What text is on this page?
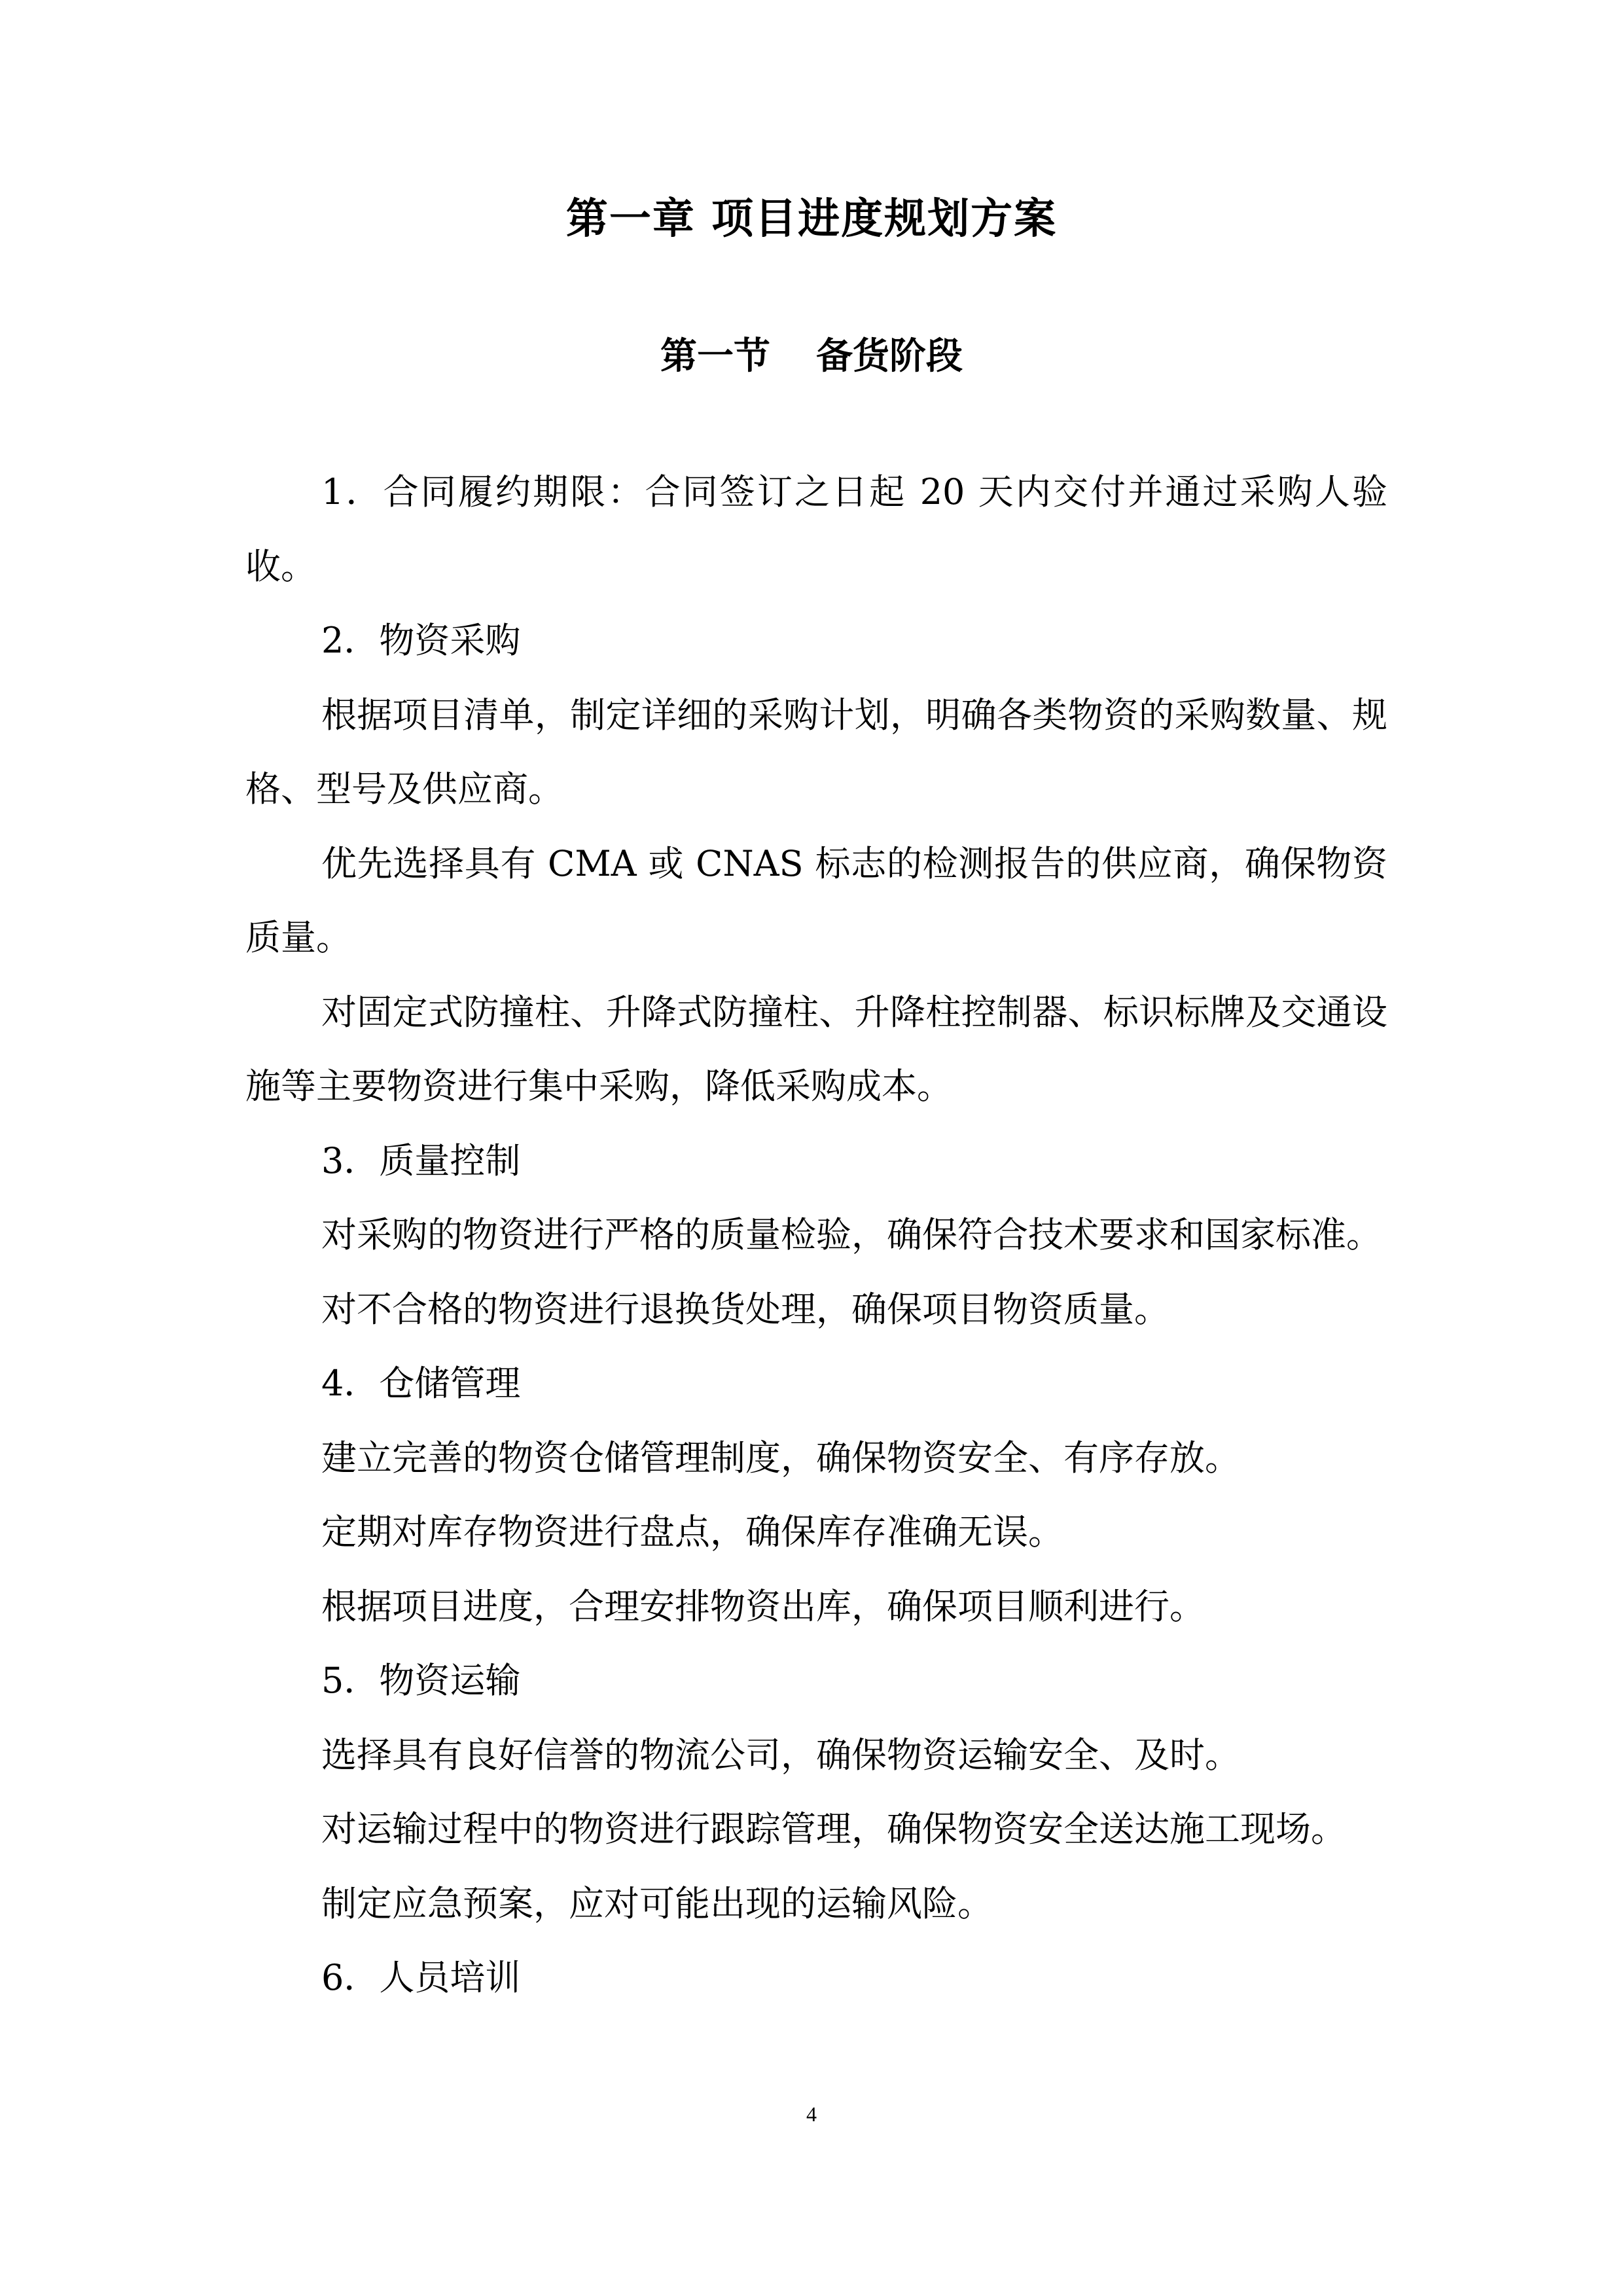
第一章 项目进度规划方案
第一节 备货阶段

1．合同履约期限：合同签订之日起 20 天内交付并通过采购人验收。

2．物资采购

根据项目清单，制定详细的采购计划，明确各类物资的采购数量、规格、型号及供应商。

优先选择具有 CMA 或 CNAS 标志的检测报告的供应商，确保物资质量。

对固定式防撞柱、升降式防撞柱、升降柱控制器、标识标牌及交通设施等主要物资进行集中采购，降低采购成本。

3．质量控制

对采购的物资进行严格的质量检验，确保符合技术要求和国家标准。

对不合格的物资进行退换货处理，确保项目物资质量。

4．仓储管理

建立完善的物资仓储管理制度，确保物资安全、有序存放。

定期对库存物资进行盘点，确保库存准确无误。

根据项目进度，合理安排物资出库，确保项目顺利进行。

5．物资运输

选择具有良好信誉的物流公司，确保物资运输安全、及时。

对运输过程中的物资进行跟踪管理，确保物资安全送达施工现场。

制定应急预案，应对可能出现的运输风险。

6．人员培训

4
